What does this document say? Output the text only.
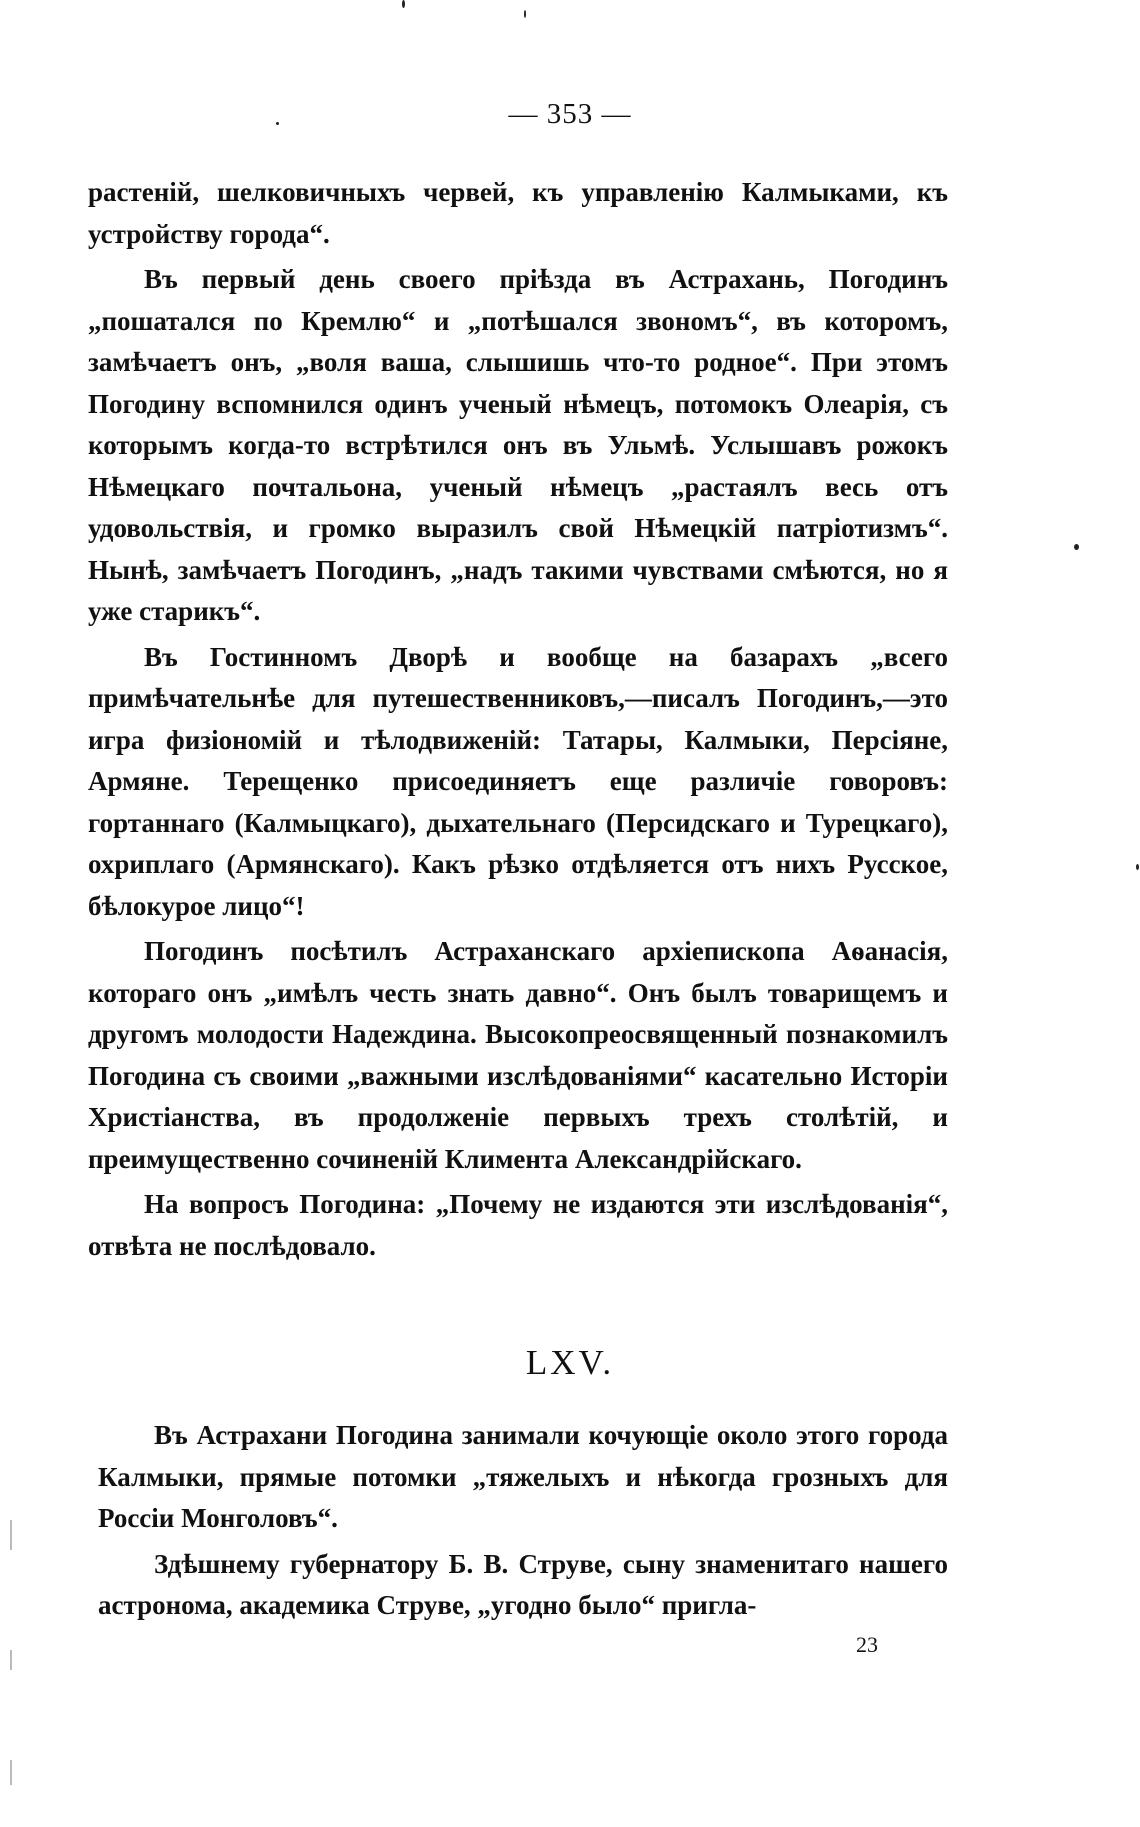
— 353 —

растеній, шелковичныхъ червей, къ управленію Калмыками, къ устройству города“.

Въ первый день своего пріѣзда въ Астрахань, Погодинъ „пошатался по Кремлю“ и „потѣшался звономъ“, въ которомъ, замѣчаетъ онъ, „воля ваша, слышишь что-то родное“. При этомъ Погодину вспомнился одинъ ученый нѣмецъ, потомокъ Олеарія, съ которымъ когда-то встрѣтился онъ въ Ульмѣ. Услышавъ рожокъ Нѣмецкаго почтальона, ученый нѣмецъ „растаялъ весь отъ удовольствія, и громко выразилъ свой Нѣмецкій патріотизмъ“. Нынѣ, замѣчаетъ Погодинъ, „надъ такими чувствами смѣются, но я уже старикъ“.

Въ Гостинномъ Дворѣ и вообще на базарахъ „всего примѣчательнѣе для путешественниковъ,—писалъ Погодинъ,—это игра физіономій и тѣлодвиженій: Татары, Калмыки, Персіяне, Армяне. Терещенко присоединяетъ еще различіе говоровъ: гортаннаго (Калмыцкаго), дыхательнаго (Персидскаго и Турецкаго), охриплаго (Армянскаго). Какъ рѣзко отдѣляется отъ нихъ Русское, бѣлокурое лицо“!

Погодинъ посѣтилъ Астраханскаго архіепископа Аѳанасія, котораго онъ „имѣлъ честь знать давно“. Онъ былъ товарищемъ и другомъ молодости Надеждина. Высокопреосвященный познакомилъ Погодина съ своими „важными изслѣдованіями“ касательно Исторіи Христіанства, въ продолженіе первыхъ трехъ столѣтій, и преимущественно сочиненій Климента Александрійскаго.

На вопросъ Погодина: „Почему не издаются эти изслѣдованія“, отвѣта не послѣдовало.

LXV.

Въ Астрахани Погодина занимали кочующіе около этого города Калмыки, прямые потомки „тяжелыхъ и нѣкогда грозныхъ для Россіи Монголовъ“.

Здѣшнему губернатору Б. В. Струве, сыну знаменитаго нашего астронома, академика Струве, „угодно было“ пригла-

23
